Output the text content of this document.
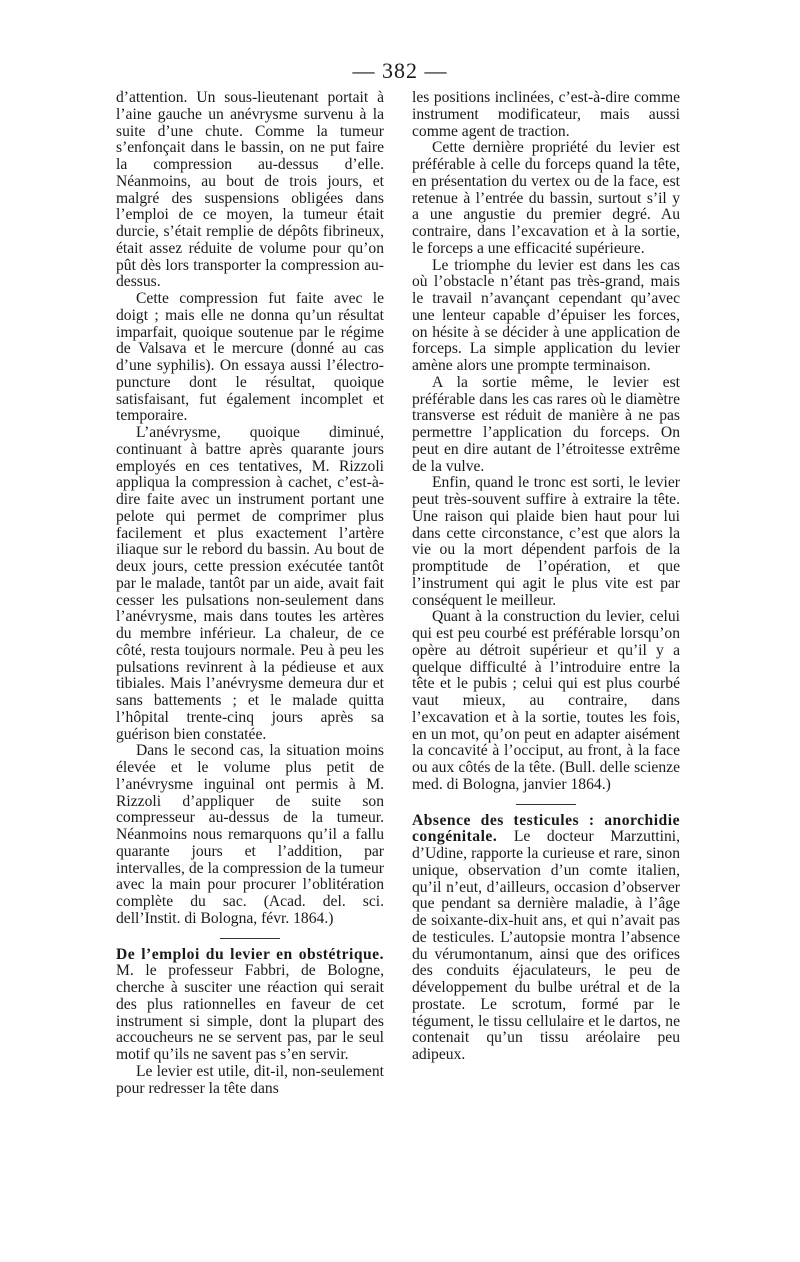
— 382 —

d’attention. Un sous-lieutenant portait à l’aine gauche un anévrysme survenu à la suite d’une chute. Comme la tumeur s’enfonçait dans le bassin, on ne put faire la compression au-dessus d’elle. Néanmoins, au bout de trois jours, et malgré des suspensions obligées dans l’emploi de ce moyen, la tumeur était durcie, s’était remplie de dépôts fibrineux, était assez réduite de volume pour qu’on pût dès lors transporter la compression au-dessus.

Cette compression fut faite avec le doigt ; mais elle ne donna qu’un résultat imparfait, quoique soutenue par le régime de Valsava et le mercure (donné au cas d’une syphilis). On essaya aussi l’électro-puncture dont le résultat, quoique satisfaisant, fut également incomplet et temporaire.

L’anévrysme, quoique diminué, continuant à battre après quarante jours employés en ces tentatives, M. Rizzoli appliqua la compression à cachet, c’est-à-dire faite avec un instrument portant une pelote qui permet de comprimer plus facilement et plus exactement l’artère iliaque sur le rebord du bassin. Au bout de deux jours, cette pression exécutée tantôt par le malade, tantôt par un aide, avait fait cesser les pulsations non-seulement dans l’anévrysme, mais dans toutes les artères du membre inférieur. La chaleur, de ce côté, resta toujours normale. Peu à peu les pulsations revinrent à la pédieuse et aux tibiales. Mais l’anévrysme demeura dur et sans battements ; et le malade quitta l’hôpital trente-cinq jours après sa guérison bien constatée.

Dans le second cas, la situation moins élevée et le volume plus petit de l’anévrysme inguinal ont permis à M. Rizzoli d’appliquer de suite son compresseur au-dessus de la tumeur. Néanmoins nous remarquons qu’il a fallu quarante jours et l’addition, par intervalles, de la compression de la tumeur avec la main pour procurer l’oblitération complète du sac. (Acad. del. sci. dell’Instit. di Bologna, févr. 1864.)

De l’emploi du levier en obstétrique. M. le professeur Fabbri, de Bologne, cherche à susciter une réaction qui serait des plus rationnelles en faveur de cet instrument si simple, dont la plupart des accoucheurs ne se servent pas, par le seul motif qu’ils ne savent pas s’en servir.

Le levier est utile, dit-il, non-seulement pour redresser la tête dans

les positions inclinées, c’est-à-dire comme instrument modificateur, mais aussi comme agent de traction.

Cette dernière propriété du levier est préférable à celle du forceps quand la tête, en présentation du vertex ou de la face, est retenue à l’entrée du bassin, surtout s’il y a une angustie du premier degré. Au contraire, dans l’excavation et à la sortie, le forceps a une efficacité supérieure.

Le triomphe du levier est dans les cas où l’obstacle n’étant pas très-grand, mais le travail n’avançant cependant qu’avec une lenteur capable d’épuiser les forces, on hésite à se décider à une application de forceps. La simple application du levier amène alors une prompte terminaison.

A la sortie même, le levier est préférable dans les cas rares où le diamètre transverse est réduit de manière à ne pas permettre l’application du forceps. On peut en dire autant de l’étroitesse extrême de la vulve.

Enfin, quand le tronc est sorti, le levier peut très-souvent suffire à extraire la tête. Une raison qui plaide bien haut pour lui dans cette circonstance, c’est que alors la vie ou la mort dépendent parfois de la promptitude de l’opération, et que l’instrument qui agit le plus vite est par conséquent le meilleur.

Quant à la construction du levier, celui qui est peu courbé est préférable lorsqu’on opère au détroit supérieur et qu’il y a quelque difficulté à l’introduire entre la tête et le pubis ; celui qui est plus courbé vaut mieux, au contraire, dans l’excavation et à la sortie, toutes les fois, en un mot, qu’on peut en adapter aisément la concavité à l’occiput, au front, à la face ou aux côtés de la tête. (Bull. delle scienze med. di Bologna, janvier 1864.)

Absence des testicules : anorchidie congénitale. Le docteur Marzuttini, d’Udine, rapporte la curieuse et rare, sinon unique, observation d’un comte italien, qu’il n’eut, d’ailleurs, occasion d’observer que pendant sa dernière maladie, à l’âge de soixante-dix-huit ans, et qui n’avait pas de testicules. L’autopsie montra l’absence du vérumontanum, ainsi que des orifices des conduits éjaculateurs, le peu de développement du bulbe urétral et de la prostate. Le scrotum, formé par le tégument, le tissu cellulaire et le dartos, ne contenait qu’un tissu aréolaire peu adipeux.
